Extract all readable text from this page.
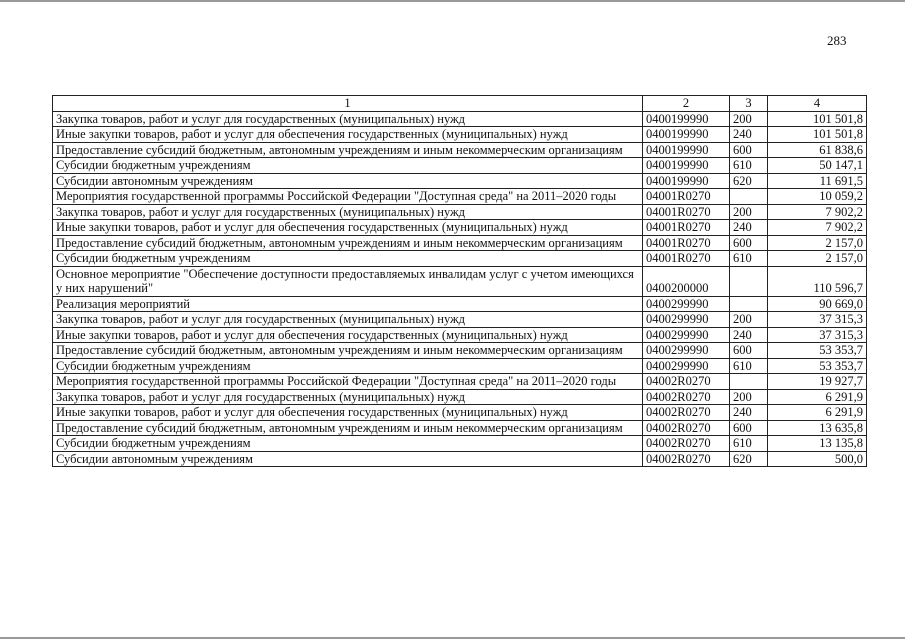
283
1	2	3	4
Закупка товаров, работ и услуг для государственных (муниципальных) нужд	0400199990	200	101 501,8
Иные закупки товаров, работ и услуг для обеспечения государственных (муниципальных) нужд	0400199990	240	101 501,8
Предоставление субсидий бюджетным, автономным учреждениям и иным некоммерческим организациям	0400199990	600	61 838,6
Субсидии бюджетным учреждениям	0400199990	610	50 147,1
Субсидии автономным учреждениям	0400199990	620	11 691,5
Мероприятия государственной программы Российской Федерации "Доступная среда" на 2011–2020 годы	04001R0270		10 059,2
Закупка товаров, работ и услуг для государственных (муниципальных) нужд	04001R0270	200	7 902,2
Иные закупки товаров, работ и услуг для обеспечения государственных (муниципальных) нужд	04001R0270	240	7 902,2
Предоставление субсидий бюджетным, автономным учреждениям и иным некоммерческим организациям	04001R0270	600	2 157,0
Субсидии бюджетным учреждениям	04001R0270	610	2 157,0
Основное мероприятие "Обеспечение доступности предоставляемых инвалидам услуг с учетом имеющихся у них нарушений"	0400200000		110 596,7
Реализация мероприятий	0400299990		90 669,0
Закупка товаров, работ и услуг для государственных (муниципальных) нужд	0400299990	200	37 315,3
Иные закупки товаров, работ и услуг для обеспечения государственных (муниципальных) нужд	0400299990	240	37 315,3
Предоставление субсидий бюджетным, автономным учреждениям и иным некоммерческим организациям	0400299990	600	53 353,7
Субсидии бюджетным учреждениям	0400299990	610	53 353,7
Мероприятия государственной программы Российской Федерации "Доступная среда" на 2011–2020 годы	04002R0270		19 927,7
Закупка товаров, работ и услуг для государственных (муниципальных) нужд	04002R0270	200	6 291,9
Иные закупки товаров, работ и услуг для обеспечения государственных (муниципальных) нужд	04002R0270	240	6 291,9
Предоставление субсидий бюджетным, автономным учреждениям и иным некоммерческим организациям	04002R0270	600	13 635,8
Субсидии бюджетным учреждениям	04002R0270	610	13 135,8
Субсидии автономным учреждениям	04002R0270	620	500,0
